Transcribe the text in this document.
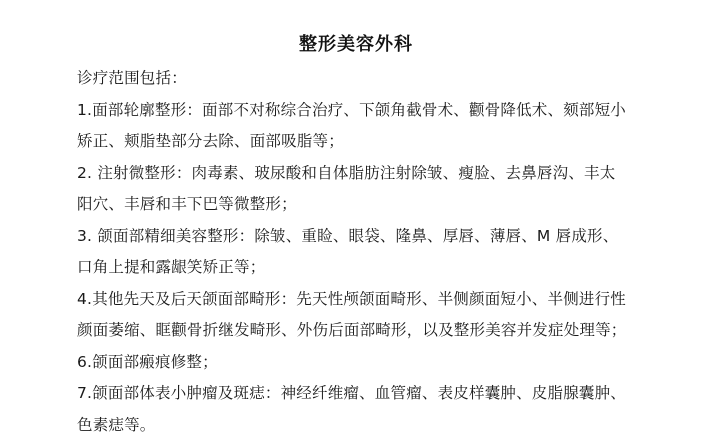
整形美容外科
诊疗范围包括：
1.面部轮廓整形：面部不对称综合治疗、下颌角截骨术、颧骨降低术、颏部短小
矫正、颊脂垫部分去除、面部吸脂等；
2. 注射微整形：肉毒素、玻尿酸和自体脂肪注射除皱、瘦脸、去鼻唇沟、丰太
阳穴、丰唇和丰下巴等微整形；
3. 颌面部精细美容整形：除皱、重睑、眼袋、隆鼻、厚唇、薄唇、M 唇成形、
口角上提和露龈笑矫正等；
4.其他先天及后天颌面部畸形：先天性颅颌面畸形、半侧颜面短小、半侧进行性
颜面萎缩、眶颧骨折继发畸形、外伤后面部畸形，以及整形美容并发症处理等；
6.颌面部瘢痕修整；
7.颌面部体表小肿瘤及斑痣：神经纤维瘤、血管瘤、表皮样囊肿、皮脂腺囊肿、
色素痣等。
